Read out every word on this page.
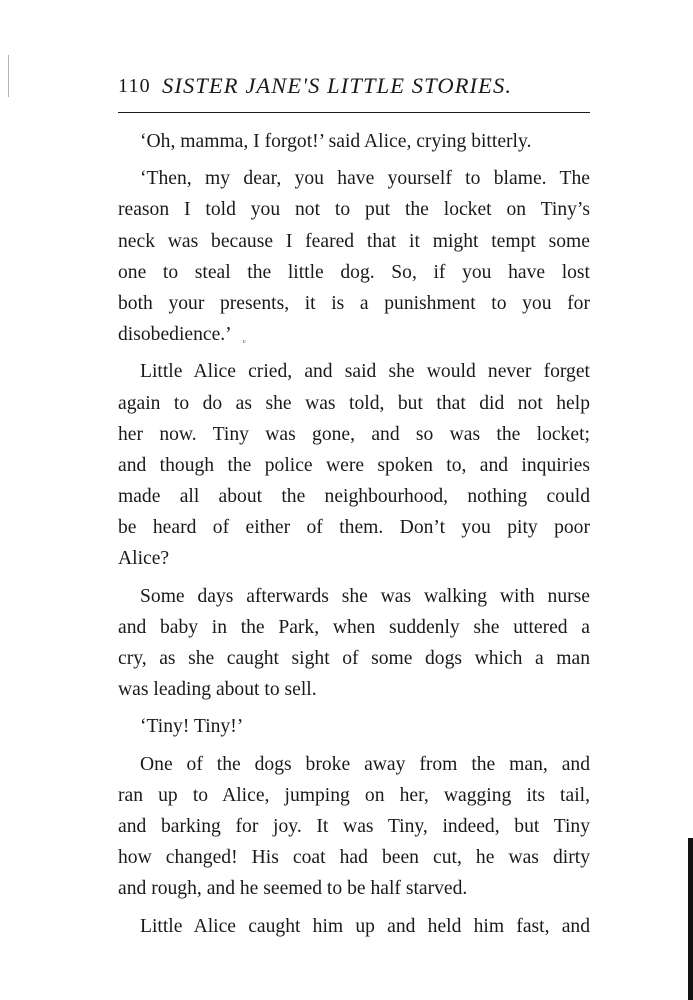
110 SISTER JANE'S LITTLE STORIES.
‘Oh, mamma, I forgot!’ said Alice, crying bitterly.
‘Then, my dear, you have yourself to blame. The
reason I told you not to put the locket on Tiny’s
neck was because I feared that it might tempt some
one to steal the little dog. So, if you have lost
both your presents, it is a punishment to you for
disobedience.’
Little Alice cried, and said she would never forget
again to do as she was told, but that did not help
her now. Tiny was gone, and so was the locket;
and though the police were spoken to, and inquiries
made all about the neighbourhood, nothing could
be heard of either of them. Don’t you pity poor
Alice?
Some days afterwards she was walking with nurse
and baby in the Park, when suddenly she uttered a
cry, as she caught sight of some dogs which a man
was leading about to sell.
‘Tiny! Tiny!’
One of the dogs broke away from the man, and
ran up to Alice, jumping on her, wagging its tail,
and barking for joy. It was Tiny, indeed, but Tiny
how changed! His coat had been cut, he was dirty
and rough, and he seemed to be half starved.
Little Alice caught him up and held him fast, and
ᶜ
